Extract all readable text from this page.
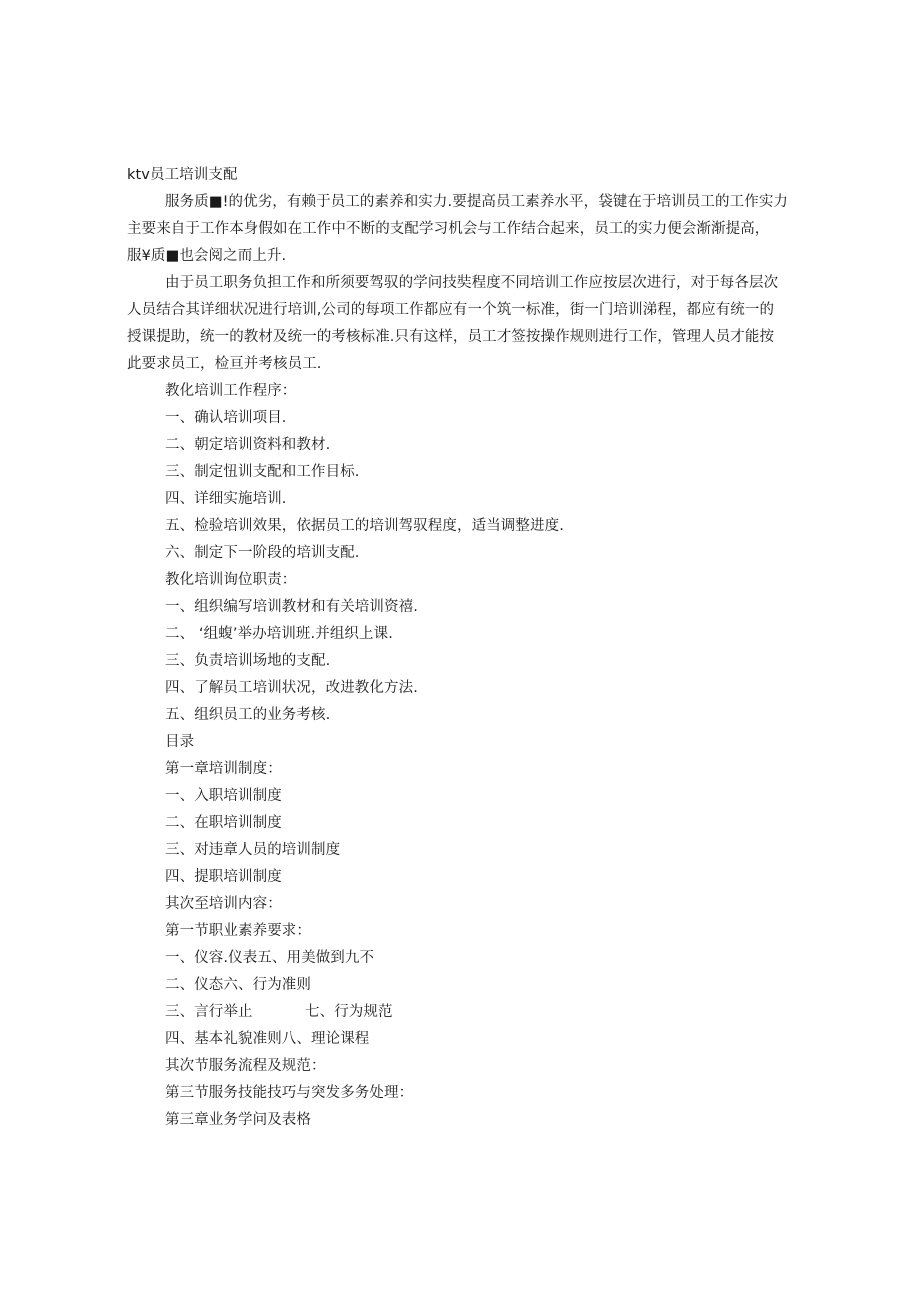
ktv员工培训支配
服务质■!的优劣，有赖于员工的素养和实力.要提高员工素养水平，袋键在于培训员工的工作实力
主要来自于工作本身假如在工作中不断的支配学习机会与工作结合起来，员工的实力便会渐渐提高，
服¥质■也会阅之而上升.
由于员工职务负担工作和所须要驾驭的学问技奘程度不同培训工作应按层次进行，对于每各层次
人员结合其详细状况进行培训,公司的每项工作都应有一个筑一标准，街一门培训涕程，都应有统一的
授课提助，统一的教材及统一的考核标准.只有这样，员工才签按操作规则进行工作，管理人员才能按
此要求员工，检亘并考核员工.
教化培训工作程序：
一、确认培训项目.
二、朝定培训资料和教材.
三、制定忸训支配和工作目标.
四、详细实施培训.
五、检验培训效果，依据员工的培训驾驭程度，适当调整进度.
六、制定下一阶段的培训支配.
教化培训询位职责：
一、组织编写培训教材和有关培训资禧.
二、 ‘组蝮’举办培训班.并组织上课.
三、负责培训场地的支配.
四、了解员工培训状况，改进教化方法.
五、组织员工的业务考核.
目录
第一章培训制度：
一、入职培训制度
二、在职培训制度
三、对违章人员的培训制度
四、提职培训制度
其次至培训内容：
第一节职业素养要求：
一、仪容.仪表五、用美做到九不
二、仪态六、行为准则
三、言行举止	七、行为规范
四、基本礼貌准则八、理论课程
其次节服务流程及规范：
第三节服务技能技巧与突发多务处理：
第三章业务学问及表格
